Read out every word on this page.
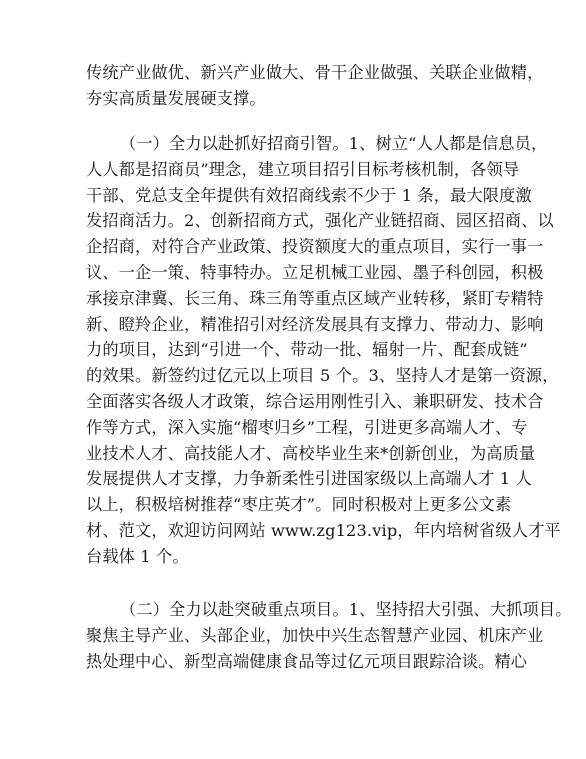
传统产业做优、新兴产业做大、骨干企业做强、关联企业做精，
夯实高质量发展硬支撑。
（一）全力以赴抓好招商引智。1、树立“人人都是信息员，
人人都是招商员”理念，建立项目招引目标考核机制，各领导
干部、党总支全年提供有效招商线索不少于 1 条，最大限度激
发招商活力。2、创新招商方式，强化产业链招商、园区招商、以
企招商，对符合产业政策、投资额度大的重点项目，实行一事一
议、一企一策、特事特办。立足机械工业园、墨子科创园，积极
承接京津冀、长三角、珠三角等重点区域产业转移，紧盯专精特
新、瞪羚企业，精准招引对经济发展具有支撑力、带动力、影响
力的项目，达到“引进一个、带动一批、辐射一片、配套成链”
的效果。新签约过亿元以上项目 5 个。3、坚持人才是第一资源，
全面落实各级人才政策，综合运用刚性引入、兼职研发、技术合
作等方式，深入实施“榴枣归乡”工程，引进更多高端人才、专
业技术人才、高技能人才、高校毕业生来*创新创业，为高质量
发展提供人才支撑，力争新柔性引进国家级以上高端人才 1 人
以上，积极培树推荐“枣庄英才”。同时积极对上更多公文素
材、范文，欢迎访问网站 www.zg123.vip，年内培树省级人才平
台载体 1 个。
（二）全力以赴突破重点项目。1、坚持招大引强、大抓项目。
聚焦主导产业、头部企业，加快中兴生态智慧产业园、机床产业
热处理中心、新型高端健康食品等过亿元项目跟踪洽谈。精心
